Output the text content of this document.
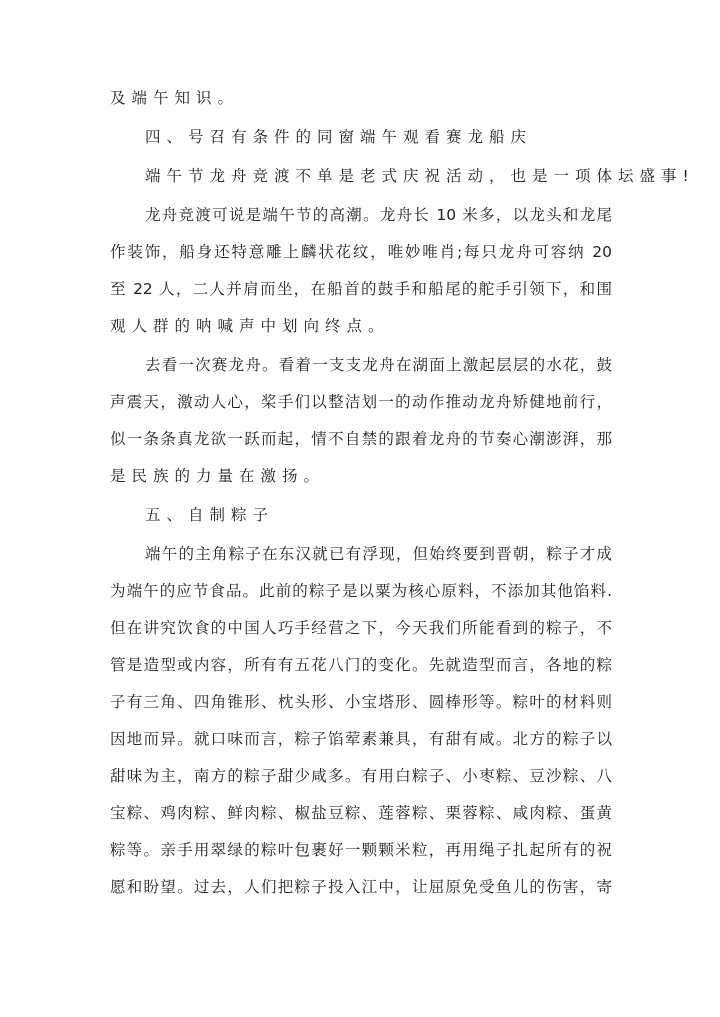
及端午知识。
四、号召有条件的同窗端午观看赛龙船庆
端午节龙舟竞渡不单是老式庆祝活动，也是一项体坛盛事!
龙舟竞渡可说是端午节的高潮。龙舟长 10 米多，以龙头和龙尾
作装饰，船身还特意雕上麟状花纹，唯妙唯肖;每只龙舟可容纳 20
至 22 人，二人并肩而坐，在船首的鼓手和船尾的舵手引领下，和围
观人群的呐喊声中划向终点。
去看一次赛龙舟。看着一支支龙舟在湖面上激起层层的水花，鼓
声震天，激动人心，桨手们以整洁划一的动作推动龙舟矫健地前行，
似一条条真龙欲一跃而起，情不自禁的跟着龙舟的节奏心潮澎湃，那
是民族的力量在激扬。
五、自制粽子
端午的主角粽子在东汉就已有浮现，但始终要到晋朝，粽子才成
为端午的应节食品。此前的粽子是以粟为核心原料，不添加其他馅料.
但在讲究饮食的中国人巧手经营之下，今天我们所能看到的粽子，不
管是造型或内容，所有有五花八门的变化。先就造型而言，各地的粽
子有三角、四角锥形、枕头形、小宝塔形、圆棒形等。粽叶的材料则
因地而异。就口味而言，粽子馅荤素兼具，有甜有咸。北方的粽子以
甜味为主，南方的粽子甜少咸多。有用白粽子、小枣粽、豆沙粽、八
宝粽、鸡肉粽、鲜肉粽、椒盐豆粽、莲蓉粽、栗蓉粽、咸肉粽、蛋黄
粽等。亲手用翠绿的粽叶包裹好一颗颗米粒，再用绳子扎起所有的祝
愿和盼望。过去，人们把粽子投入江中，让屈原免受鱼儿的伤害，寄
